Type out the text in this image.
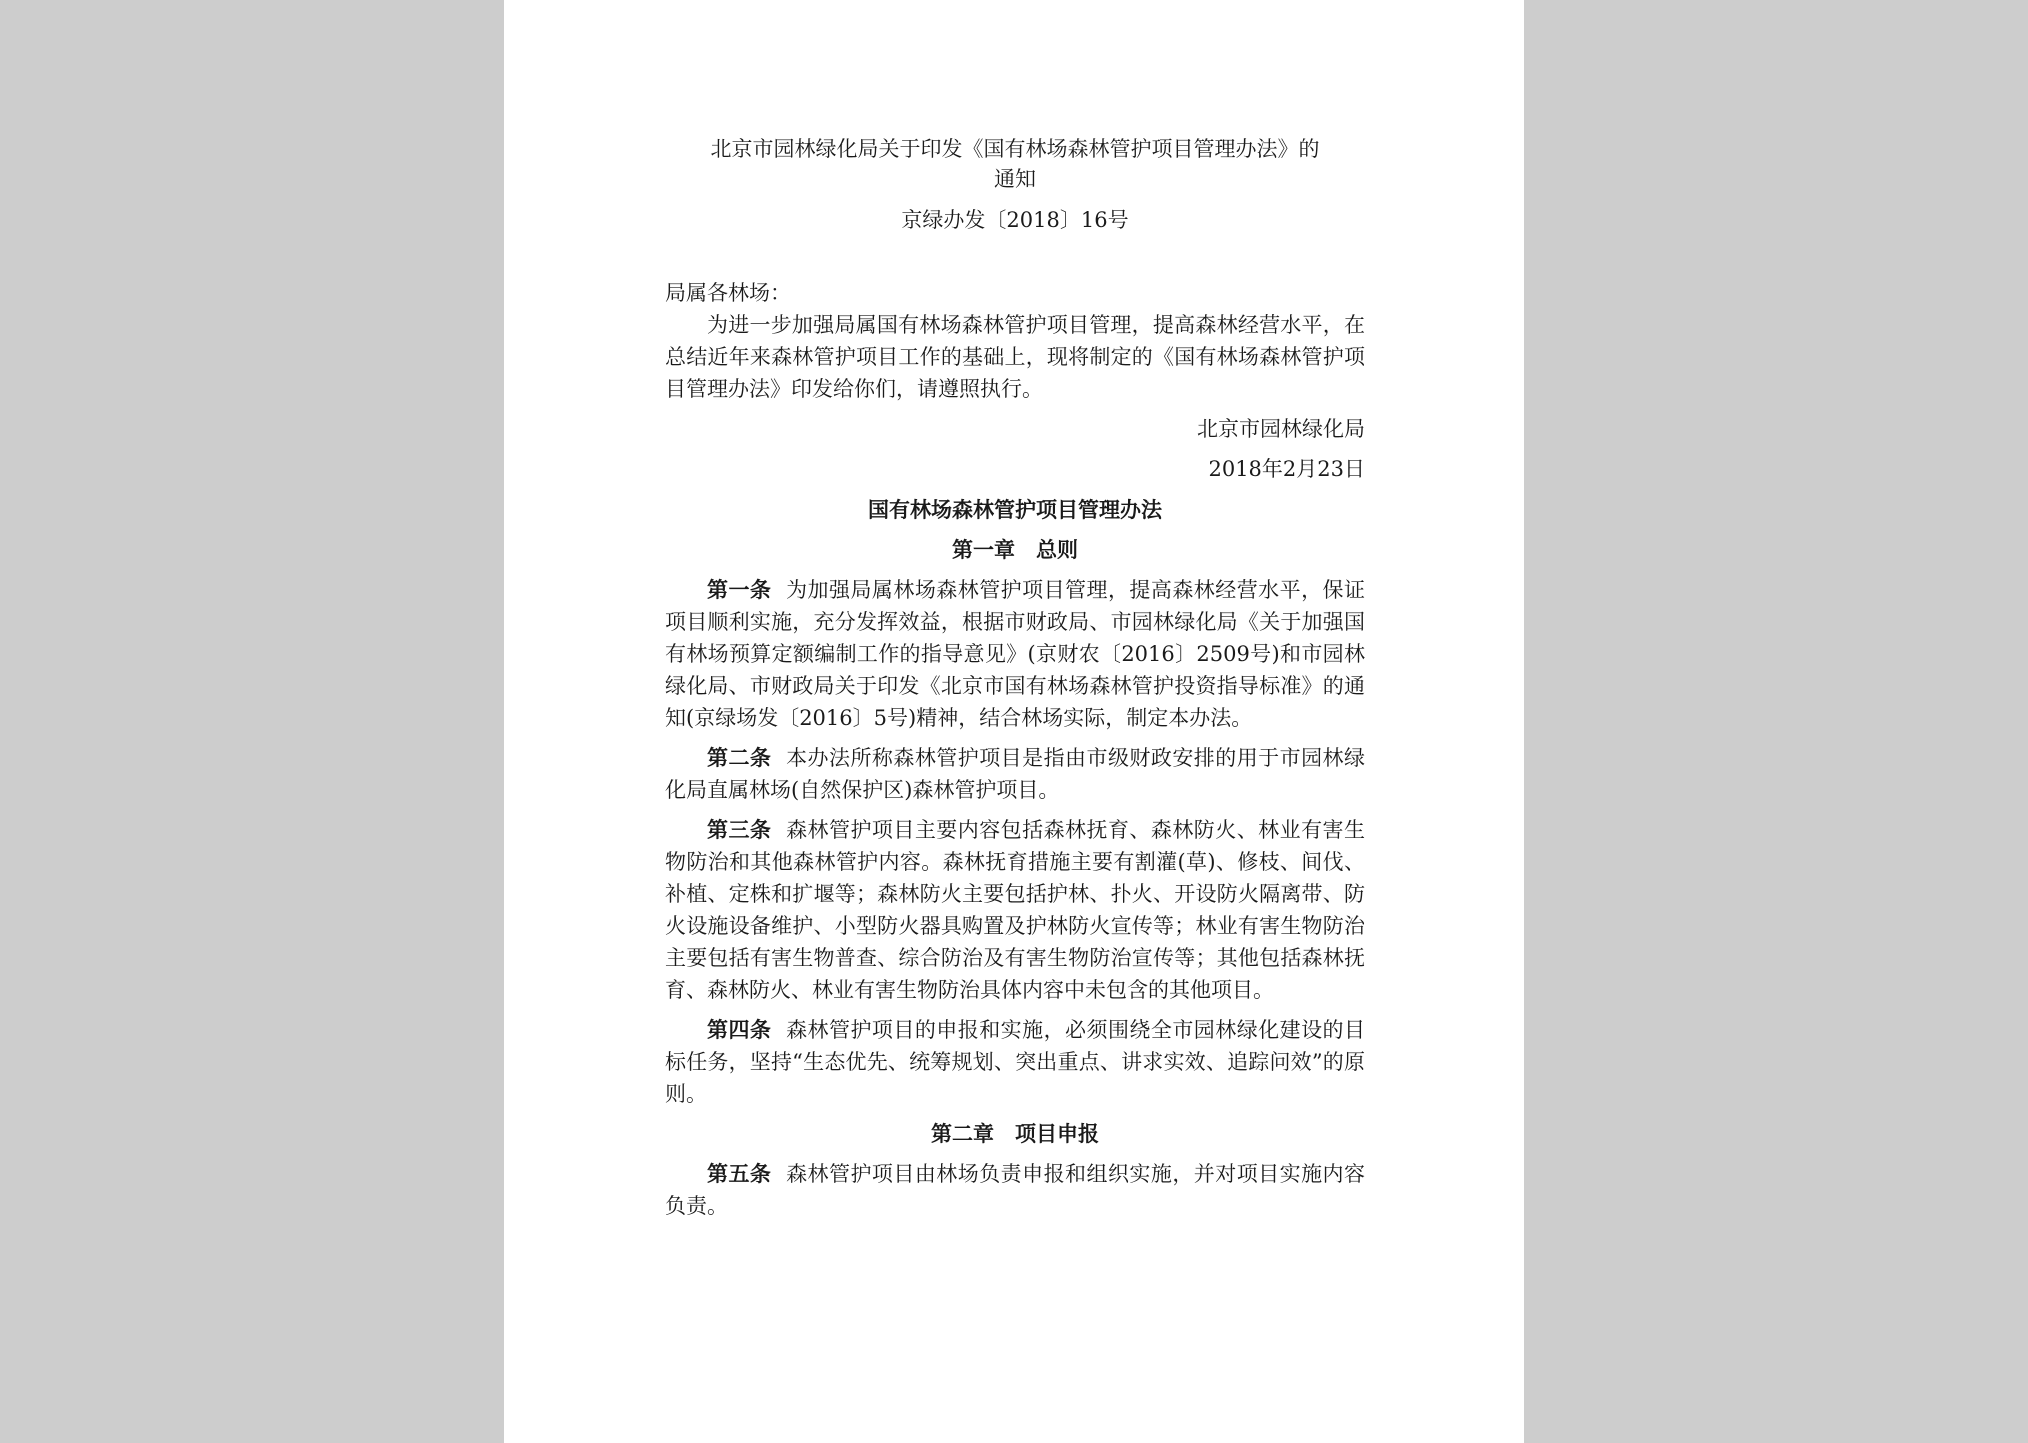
北京市园林绿化局关于印发《国有林场森林管护项目管理办法》的

通知

京绿办发〔2018〕16号

局属各林场：

为进一步加强局属国有林场森林管护项目管理，提高森林经营水平，在总结近年来森林管护项目工作的基础上，现将制定的《国有林场森林管护项目管理办法》印发给你们，请遵照执行。

北京市园林绿化局

2018年2月23日

国有林场森林管护项目管理办法

第一章　总则

第一条 为加强局属林场森林管护项目管理，提高森林经营水平，保证项目顺利实施，充分发挥效益，根据市财政局、市园林绿化局《关于加强国有林场预算定额编制工作的指导意见》(京财农〔2016〕2509号)和市园林绿化局、市财政局关于印发《北京市国有林场森林管护投资指导标准》的通知(京绿场发〔2016〕5号)精神，结合林场实际，制定本办法。

第二条 本办法所称森林管护项目是指由市级财政安排的用于市园林绿化局直属林场(自然保护区)森林管护项目。

第三条 森林管护项目主要内容包括森林抚育、森林防火、林业有害生物防治和其他森林管护内容。森林抚育措施主要有割灌(草)、修枝、间伐、补植、定株和扩堰等；森林防火主要包括护林、扑火、开设防火隔离带、防火设施设备维护、小型防火器具购置及护林防火宣传等；林业有害生物防治主要包括有害生物普查、综合防治及有害生物防治宣传等；其他包括森林抚育、森林防火、林业有害生物防治具体内容中未包含的其他项目。

第四条 森林管护项目的申报和实施，必须围绕全市园林绿化建设的目标任务，坚持“生态优先、统筹规划、突出重点、讲求实效、追踪问效”的原则。

第二章　项目申报

第五条 森林管护项目由林场负责申报和组织实施，并对项目实施内容负责。
